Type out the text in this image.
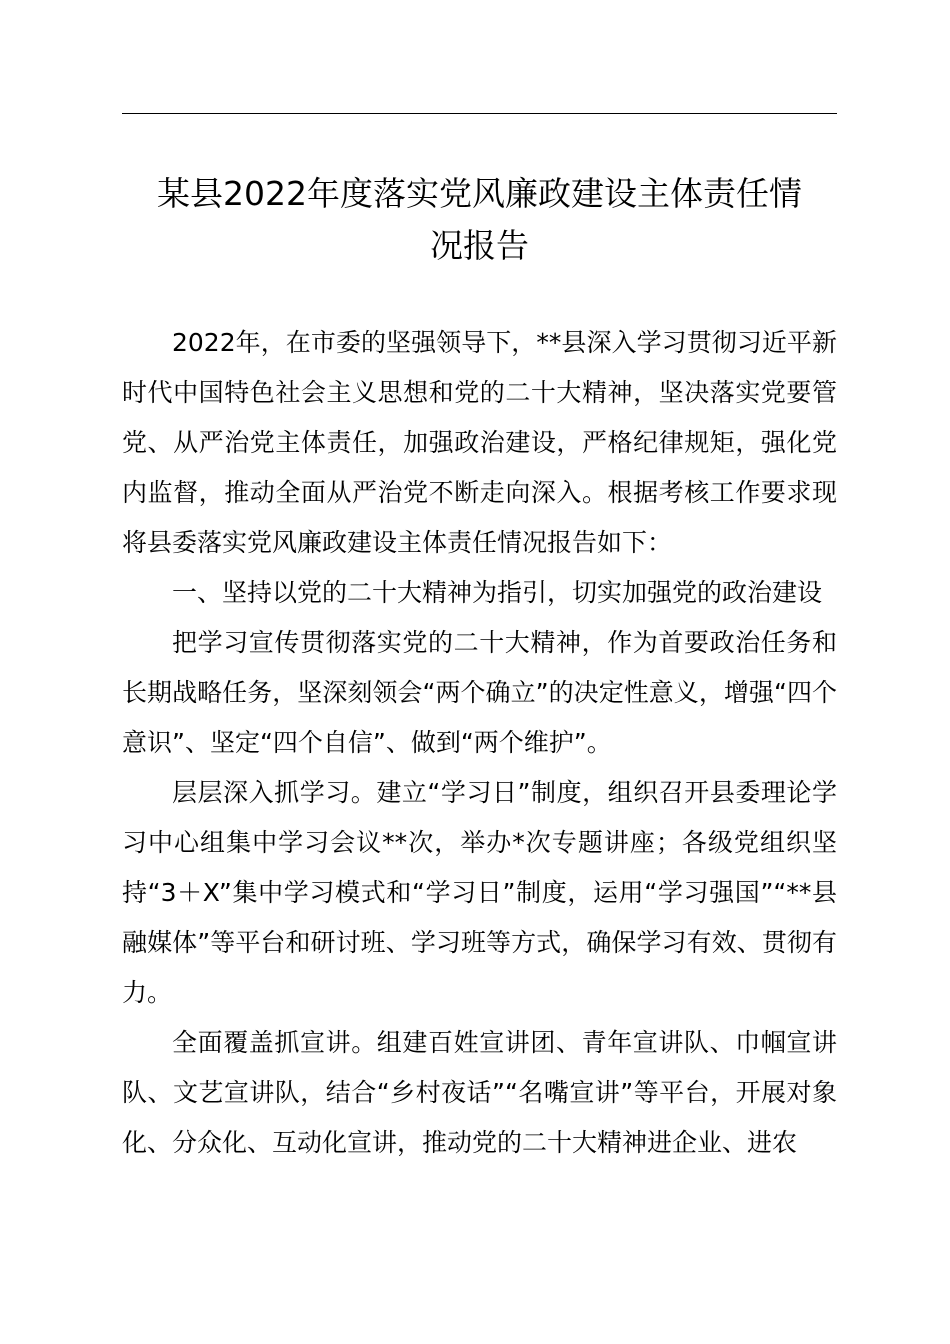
某县2022年度落实党风廉政建设主体责任情
况报告

2022年，在市委的坚强领导下，**县深入学习贯彻习近平新时代中国特色社会主义思想和党的二十大精神，坚决落实党要管党、从严治党主体责任，加强政治建设，严格纪律规矩，强化党内监督，推动全面从严治党不断走向深入。根据考核工作要求现将县委落实党风廉政建设主体责任情况报告如下：

一、坚持以党的二十大精神为指引，切实加强党的政治建设

把学习宣传贯彻落实党的二十大精神，作为首要政治任务和长期战略任务，坚深刻领会“两个确立”的决定性意义，增强“四个意识”、坚定“四个自信”、做到“两个维护”。

层层深入抓学习。建立“学习日”制度，组织召开县委理论学习中心组集中学习会议**次，举办*次专题讲座；各级党组织坚持“3＋X”集中学习模式和“学习日”制度，运用“学习强国”“**县融媒体”等平台和研讨班、学习班等方式，确保学习有效、贯彻有力。

全面覆盖抓宣讲。组建百姓宣讲团、青年宣讲队、巾帼宣讲队、文艺宣讲队，结合“乡村夜话”“名嘴宣讲”等平台，开展对象化、分众化、互动化宣讲，推动党的二十大精神进企业、进农
